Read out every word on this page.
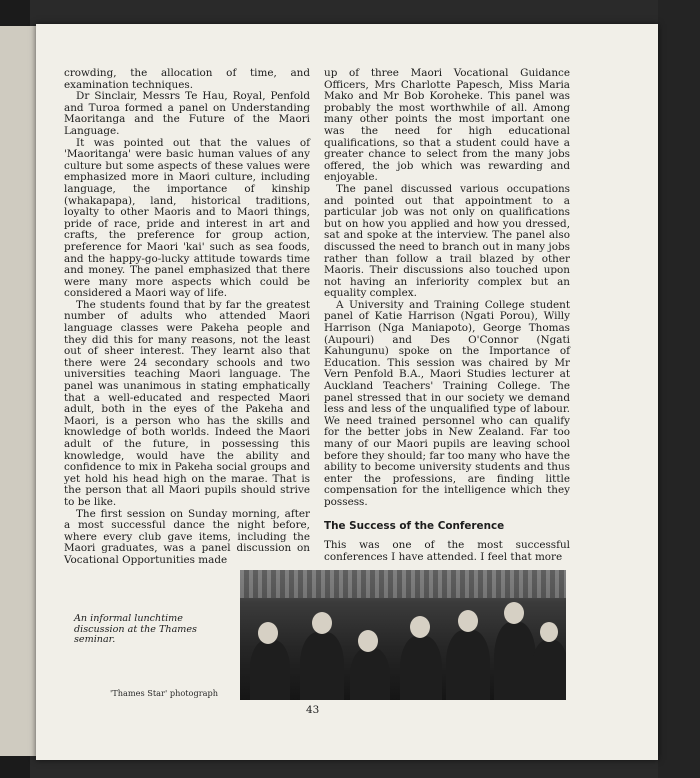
crowding, the allocation of time, and examination techniques.

Dr Sinclair, Messrs Te Hau, Royal, Penfold and Turoa formed a panel on Understanding Maoritanga and the Future of the Maori Language.

It was pointed out that the values of 'Maoritanga' were basic human values of any culture but some aspects of these values were emphasized more in Maori culture, including language, the importance of kinship (whakapapa), land, historical traditions, loyalty to other Maoris and to Maori things, pride of race, pride and interest in art and crafts, the preference for group action, preference for Maori 'kai' such as sea foods, and the happy-go-lucky attitude towards time and money. The panel emphasized that there were many more aspects which could be considered a Maori way of life.

The students found that by far the greatest number of adults who attended Maori language classes were Pakeha people and they did this for many reasons, not the least out of sheer interest. They learnt also that there were 24 secondary schools and two universities teaching Maori language. The panel was unanimous in stating emphatically that a well-educated and respected Maori adult, both in the eyes of the Pakeha and Maori, is a person who has the skills and knowledge of both worlds. Indeed the Maori adult of the future, in possessing this knowledge, would have the ability and confidence to mix in Pakeha social groups and yet hold his head high on the marae. That is the person that all Maori pupils should strive to be like.

The first session on Sunday morning, after a most successful dance the night before, where every club gave items, including the Maori graduates, was a panel discussion on Vocational Opportunities made

up of three Maori Vocational Guidance Officers, Mrs Charlotte Papesch, Miss Maria Mako and Mr Bob Koroheke. This panel was probably the most worthwhile of all. Among many other points the most important one was the need for high educational qualifications, so that a student could have a greater chance to select from the many jobs offered, the job which was rewarding and enjoyable.

The panel discussed various occupations and pointed out that appointment to a particular job was not only on qualifications but on how you applied and how you dressed, sat and spoke at the interview. The panel also discussed the need to branch out in many jobs rather than follow a trail blazed by other Maoris. Their discussions also touched upon not having an inferiority complex but an equality complex.

A University and Training College student panel of Katie Harrison (Ngati Porou), Willy Harrison (Nga Maniapoto), George Thomas (Aupouri) and Des O'Connor (Ngati Kahungunu) spoke on the Importance of Education. This session was chaired by Mr Vern Penfold B.A., Maori Studies lecturer at Auckland Teachers' Training College. The panel stressed that in our society we demand less and less of the unqualified type of labour. We need trained personnel who can qualify for the better jobs in New Zealand. Far too many of our Maori pupils are leaving school before they should; far too many who have the ability to become university students and thus enter the professions, are finding little compensation for the intelligence which they possess.

The Success of the Conference

This was one of the most successful conferences I have attended. I feel that more

An informal lunchtime discussion at the Thames seminar.
'Thames Star' photograph
43
